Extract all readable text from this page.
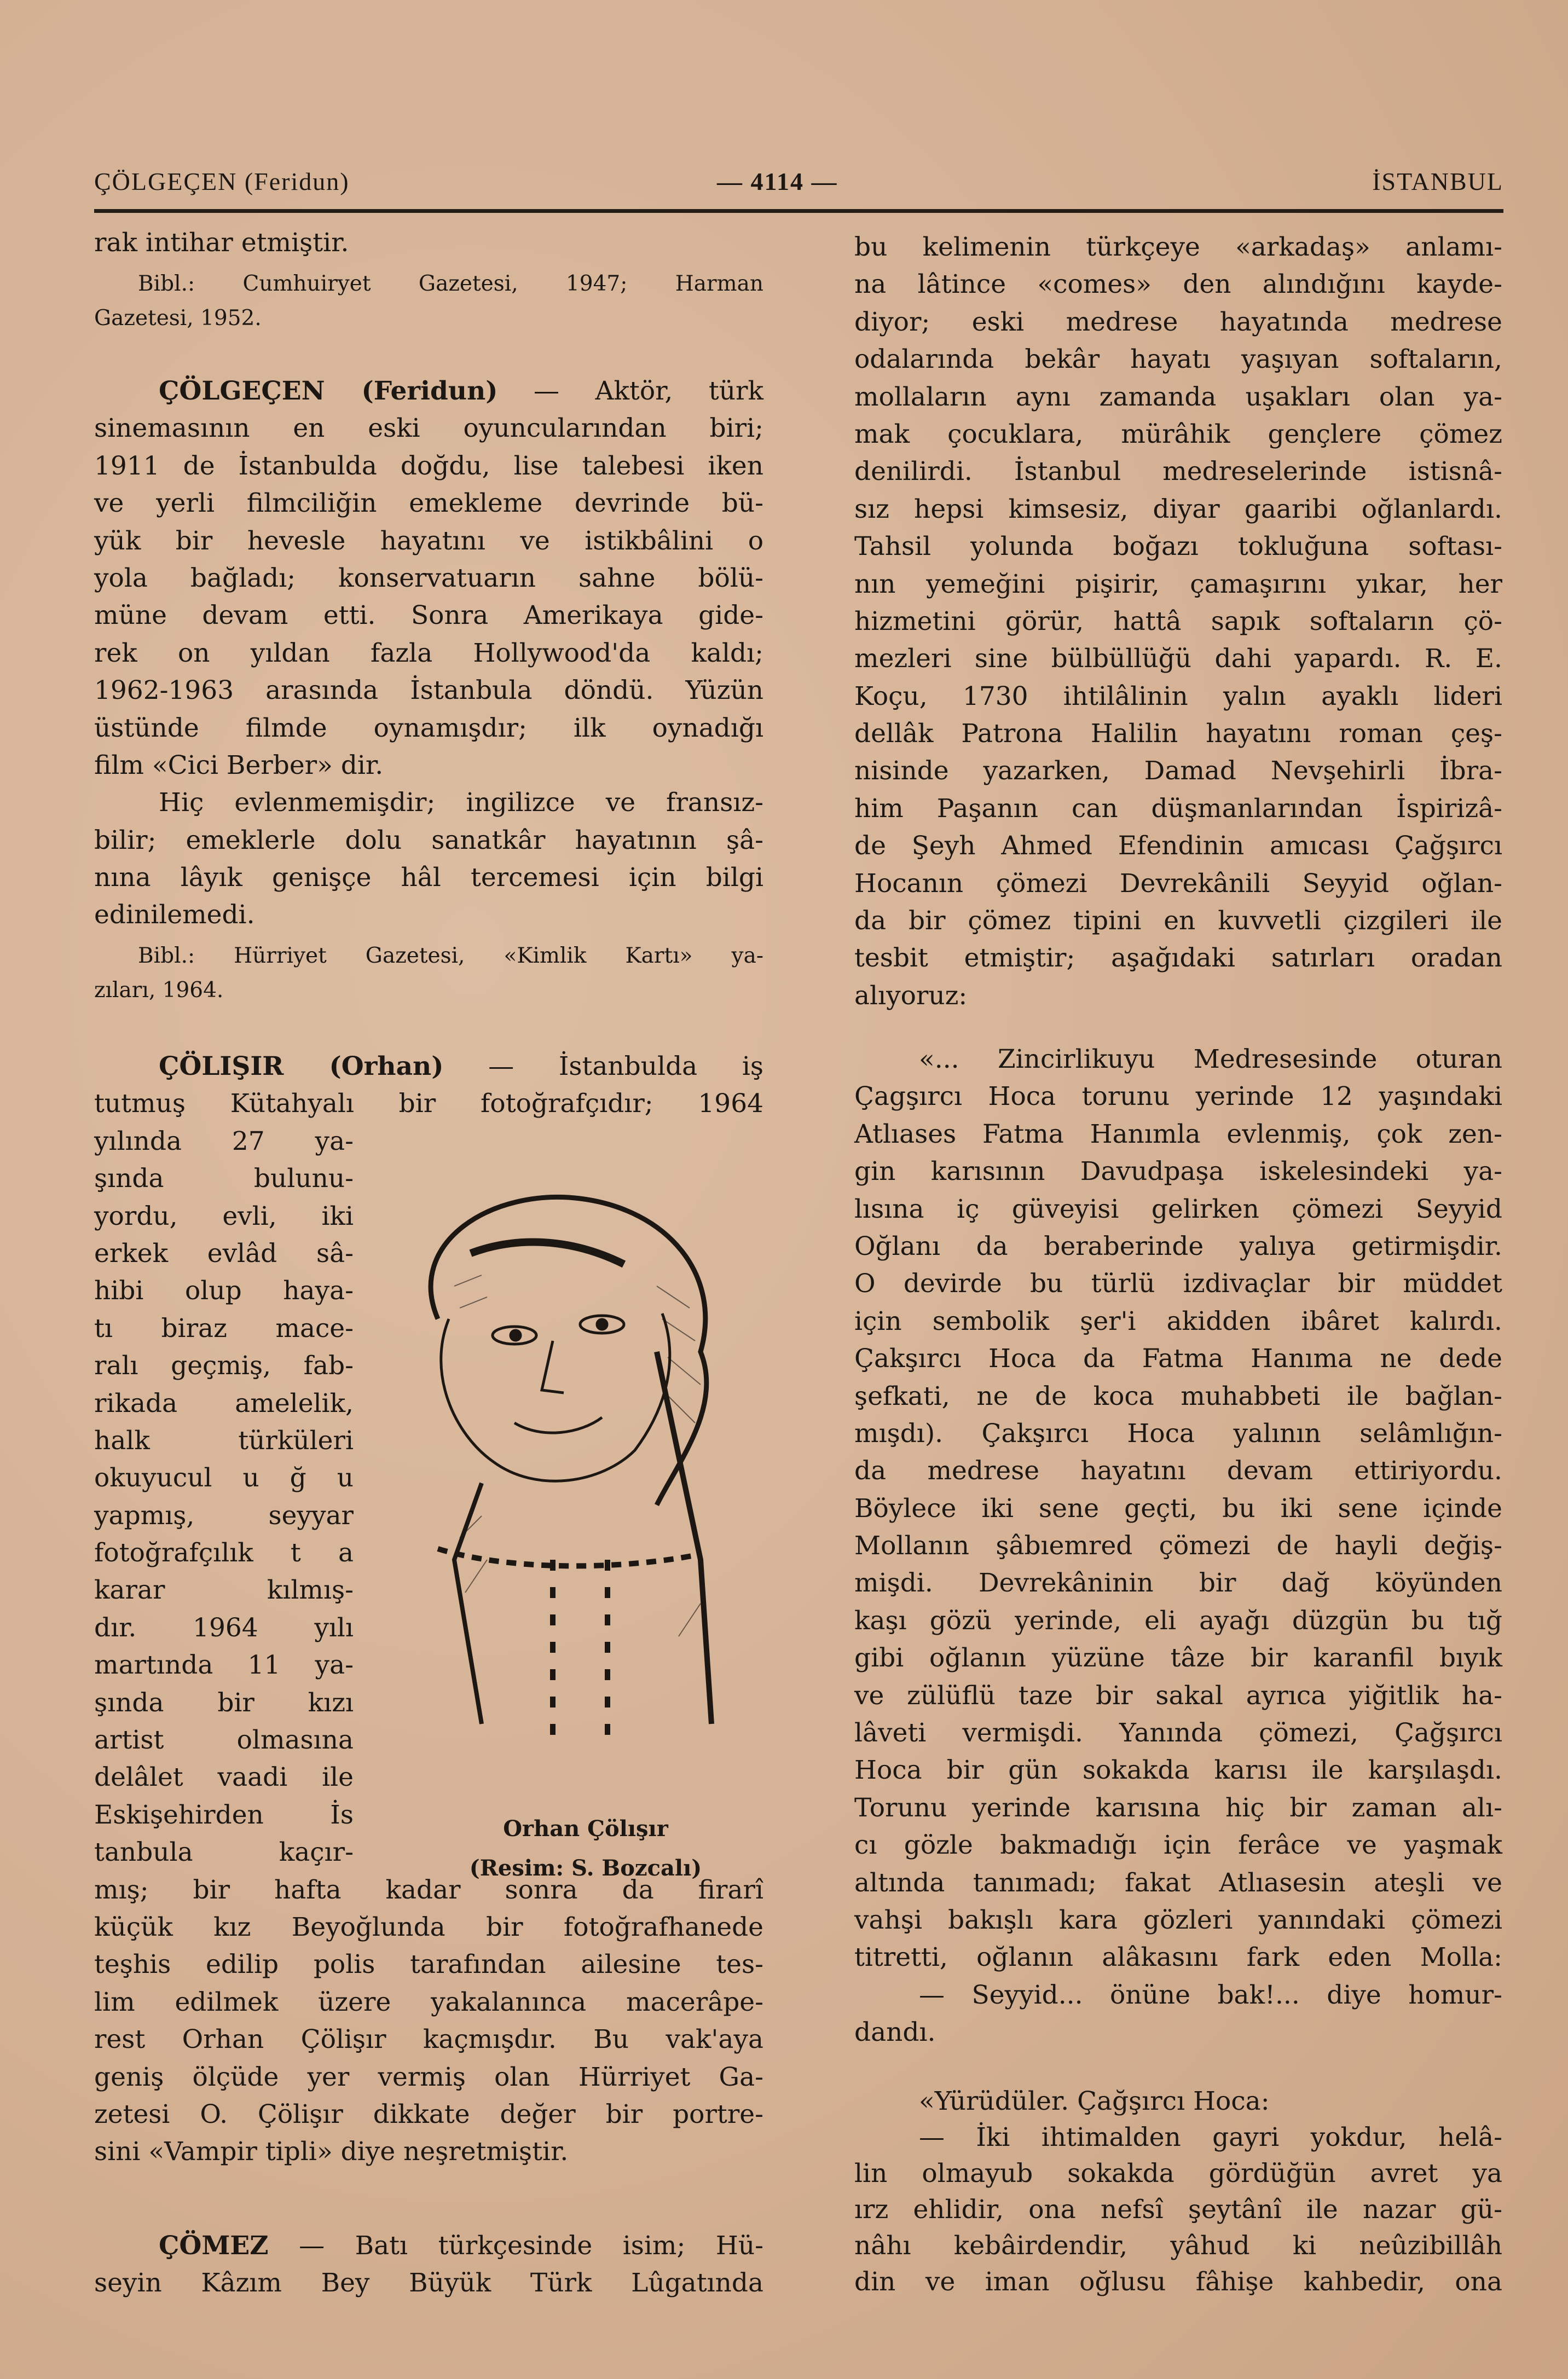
ÇÖLGEÇEN (Feridun)	— 4114 —	İSTANBUL
rak intihar etmiştir.
Bibl.: Cumhuiryet Gazetesi, 1947; Harman
Gazetesi, 1952.
ÇÖLGEÇEN (Feridun) — Aktör, türk
sinemasının en eski oyuncularından biri;
1911 de İstanbulda doğdu, lise talebesi iken
ve yerli filmciliğin emekleme devrinde bü-
yük bir hevesle hayatını ve istikbâlini o
yola bağladı; konservatuarın sahne bölü-
müne devam etti. Sonra Amerikaya gide-
rek on yıldan fazla Hollywood'da kaldı;
1962-1963 arasında İstanbula döndü. Yüzün
üstünde filmde oynamışdır; ilk oynadığı
film «Cici Berber» dir.
Hiç evlenmemişdir; ingilizce ve fransız-
bilir; emeklerle dolu sanatkâr hayatının şâ-
nına lâyık genişçe hâl tercemesi için bilgi
edinilemedi.
Bibl.: Hürriyet Gazetesi, «Kimlik Kartı» ya-
zıları, 1964.
ÇÖLIŞIR (Orhan) — İstanbulda iş
tutmuş Kütahyalı bir fotoğrafçıdır; 1964
yılında 27 ya-
şında bulunu-
yordu, evli, iki
erkek evlâd sâ-
hibi olup haya-
tı biraz mace-
ralı geçmiş, fab-
rikada amelelik,
halk türküleri
okuyucul u ğ u
yapmış, seyyar
fotoğrafçılık t a
karar kılmış-
dır. 1964 yılı
martında 11 ya-
şında bir kızı
artist olmasına
delâlet vaadi ile
Eskişehirden İs
tanbula kaçır-
mış; bir hafta kadar sonra da firarî
küçük kız Beyoğlunda bir fotoğrafhanede
teşhis edilip polis tarafından ailesine tes-
lim edilmek üzere yakalanınca macerâpe-
rest Orhan Çölişır kaçmışdır. Bu vak'aya
geniş ölçüde yer vermiş olan Hürriyet Ga-
zetesi O. Çölişır dikkate değer bir portre-
sini «Vampir tipli» diye neşretmiştir.
Orhan Çölışır
(Resim: S. Bozcalı)
ÇÖMEZ — Batı türkçesinde isim; Hü-
seyin Kâzım Bey Büyük Türk Lûgatında
bu kelimenin türkçeye «arkadaş» anlamı-
na lâtince «comes» den alındığını kayde-
diyor; eski medrese hayatında medrese
odalarında bekâr hayatı yaşıyan softaların,
mollaların aynı zamanda uşakları olan ya-
mak çocuklara, mürâhik gençlere çömez
denilirdi. İstanbul medreselerinde istisnâ-
sız hepsi kimsesiz, diyar gaaribi oğlanlardı.
Tahsil yolunda boğazı tokluğuna softası-
nın yemeğini pişirir, çamaşırını yıkar, her
hizmetini görür, hattâ sapık softaların çö-
mezleri sine bülbüllüğü dahi yapardı. R. E.
Koçu, 1730 ihtilâlinin yalın ayaklı lideri
dellâk Patrona Halilin hayatını roman çeş-
nisinde yazarken, Damad Nevşehirli İbra-
him Paşanın can düşmanlarından İspirizâ-
de Şeyh Ahmed Efendinin amıcası Çağşırcı
Hocanın çömezi Devrekânili Seyyid oğlan-
da bir çömez tipini en kuvvetli çizgileri ile
tesbit etmiştir; aşağıdaki satırları oradan
alıyoruz:
«... Zincirlikuyu Medresesinde oturan
Çagşırcı Hoca torunu yerinde 12 yaşındaki
Atlıases Fatma Hanımla evlenmiş, çok zen-
gin karısının Davudpaşa iskelesindeki ya-
lısına iç güveyisi gelirken çömezi Seyyid
Oğlanı da beraberinde yalıya getirmişdir.
O devirde bu türlü izdivaçlar bir müddet
için sembolik şer'i akidden ibâret kalırdı.
Çakşırcı Hoca da Fatma Hanıma ne dede
şefkati, ne de koca muhabbeti ile bağlan-
mışdı). Çakşırcı Hoca yalının selâmlığın-
da medrese hayatını devam ettiriyordu.
Böylece iki sene geçti, bu iki sene içinde
Mollanın şâbıemred çömezi de hayli değiş-
mişdi. Devrekâninin bir dağ köyünden
kaşı gözü yerinde, eli ayağı düzgün bu tığ
gibi oğlanın yüzüne tâze bir karanfil bıyık
ve zülüflü taze bir sakal ayrıca yiğitlik ha-
lâveti vermişdi. Yanında çömezi, Çağşırcı
Hoca bir gün sokakda karısı ile karşılaşdı.
Torunu yerinde karısına hiç bir zaman alı-
cı gözle bakmadığı için ferâce ve yaşmak
altında tanımadı; fakat Atlıasesin ateşli ve
vahşi bakışlı kara gözleri yanındaki çömezi
titretti, oğlanın alâkasını fark eden Molla:
— Seyyid... önüne bak!... diye homur-
dandı.
«Yürüdüler. Çağşırcı Hoca:
— İki ihtimalden gayri yokdur, helâ-
lin olmayub sokakda gördüğün avret ya
ırz ehlidir, ona nefsî şeytânî ile nazar gü-
nâhı kebâirdendir, yâhud ki neûzibillâh
din ve iman oğlusu fâhişe kahbedir, ona
